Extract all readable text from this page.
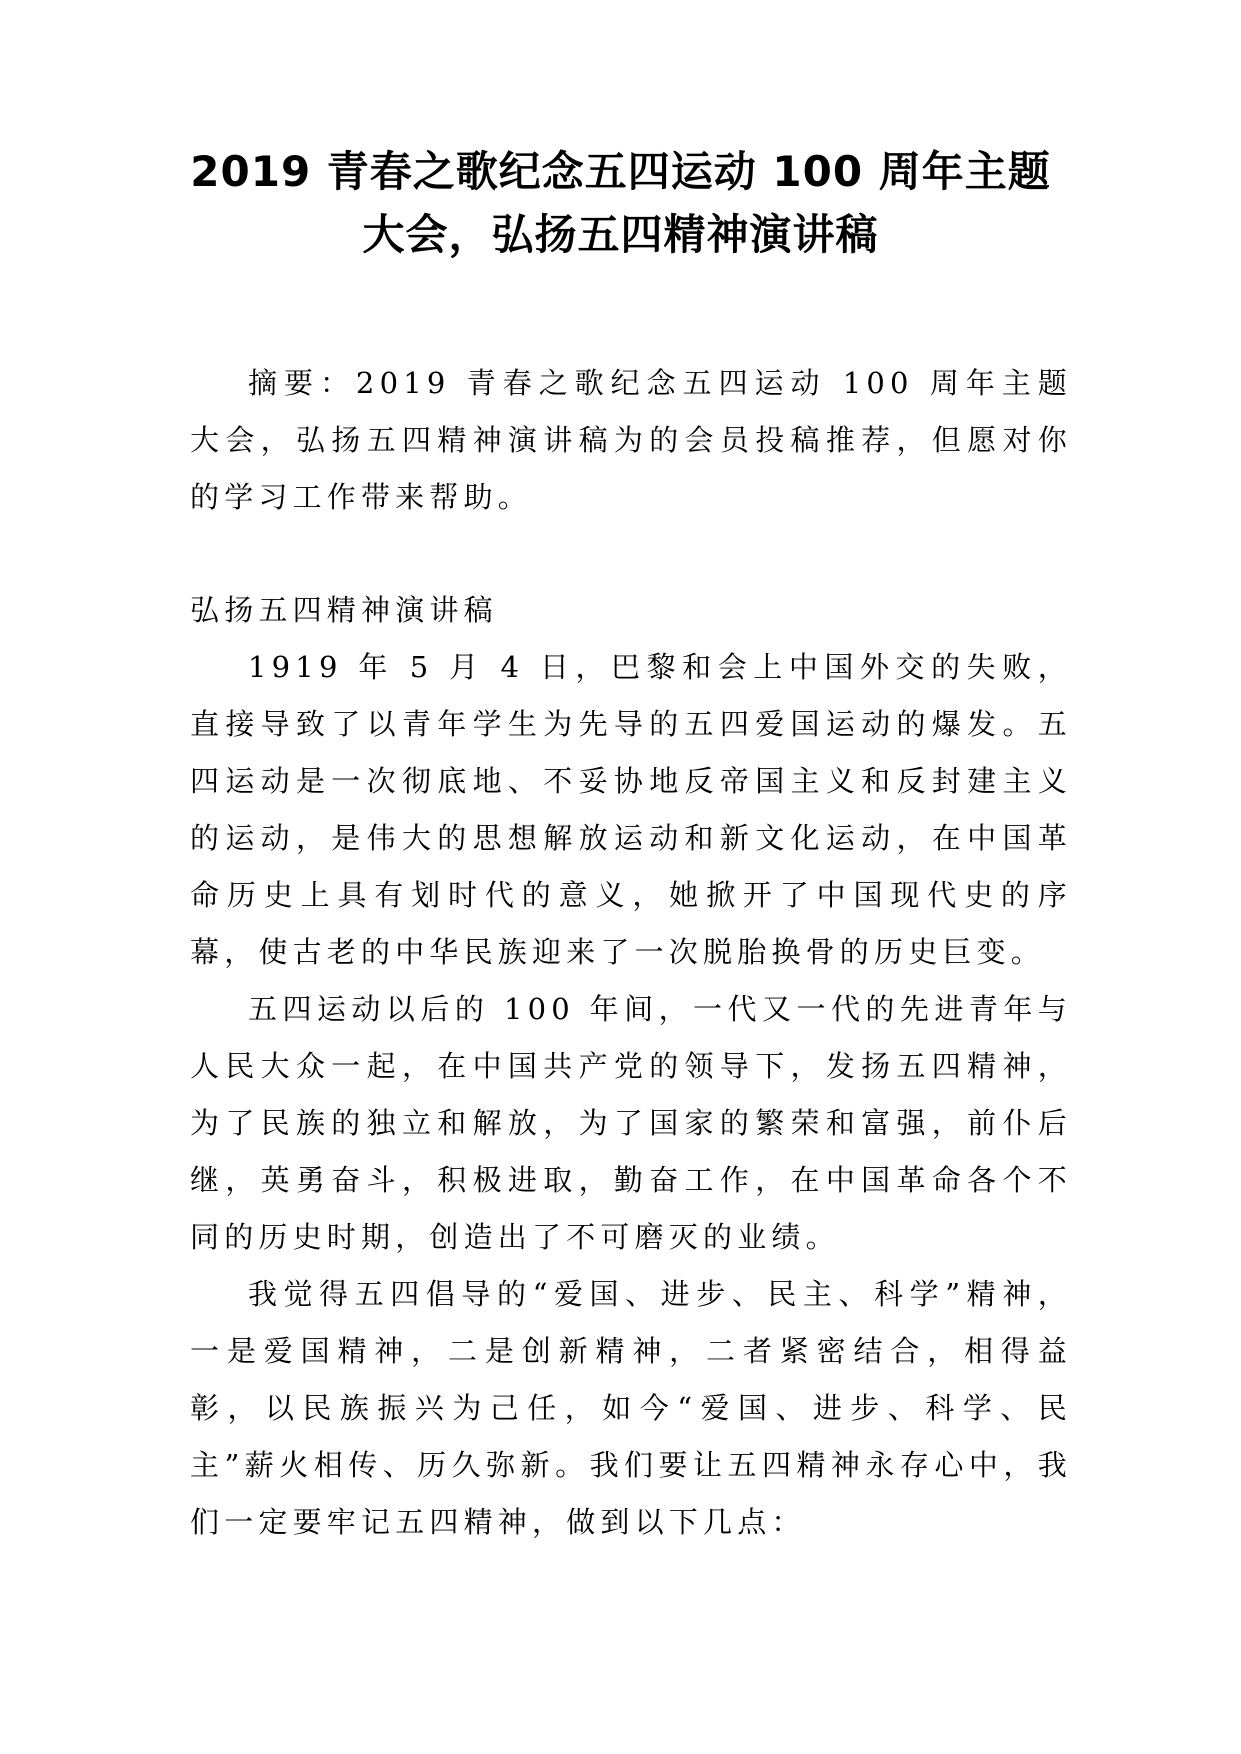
2019 青春之歌纪念五四运动 100 周年主题
大会，弘扬五四精神演讲稿

摘要：2019 青春之歌纪念五四运动 100 周年主题大会，弘扬五四精神演讲稿为的会员投稿推荐，但愿对你的学习工作带来帮助。

弘扬五四精神演讲稿

1919 年 5 月 4 日，巴黎和会上中国外交的失败，直接导致了以青年学生为先导的五四爱国运动的爆发。五四运动是一次彻底地、不妥协地反帝国主义和反封建主义的运动，是伟大的思想解放运动和新文化运动，在中国革命历史上具有划时代的意义，她掀开了中国现代史的序幕，使古老的中华民族迎来了一次脱胎换骨的历史巨变。

五四运动以后的 100 年间，一代又一代的先进青年与人民大众一起，在中国共产党的领导下，发扬五四精神，为了民族的独立和解放，为了国家的繁荣和富强，前仆后继，英勇奋斗，积极进取，勤奋工作，在中国革命各个不同的历史时期，创造出了不可磨灭的业绩。

我觉得五四倡导的“爱国、进步、民主、科学”精神，一是爱国精神，二是创新精神，二者紧密结合，相得益彰，以民族振兴为己任，如今“爱国、进步、科学、民主”薪火相传、历久弥新。我们要让五四精神永存心中，我们一定要牢记五四精神，做到以下几点：
